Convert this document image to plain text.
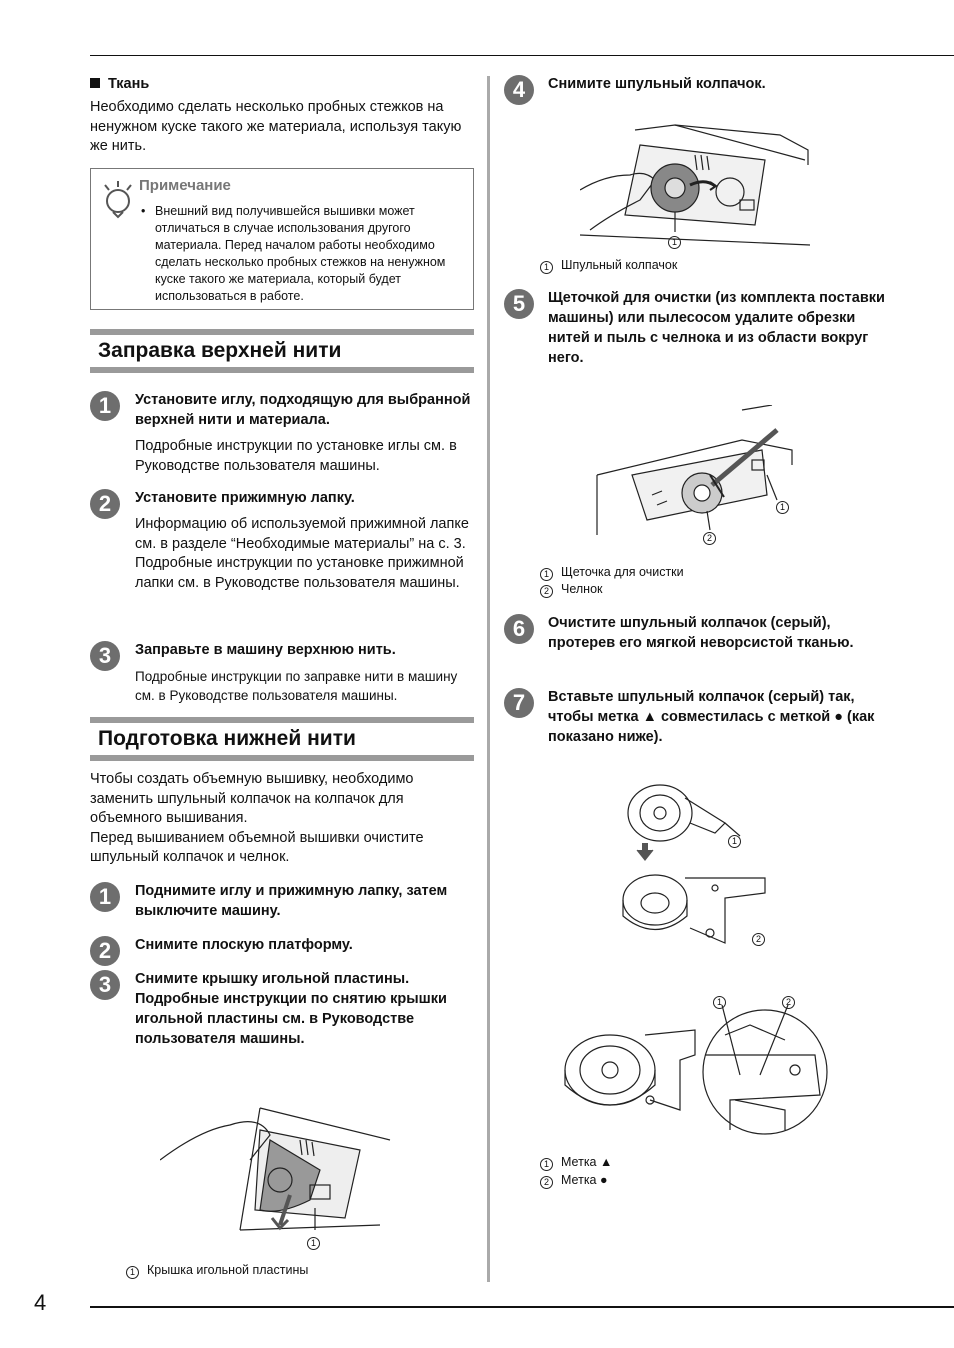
Ткань
Необходимо сделать несколько пробных стежков на ненужном куске такого же материала, используя такую же нить.
Примечание
• Внешний вид получившейся вышивки может отличаться в случае использования другого материала. Перед началом работы необходимо сделать несколько пробных стежков на ненужном куске такого же материала, который будет использоваться в работе.
Заправка верхней нити
1	Установите иглу, подходящую для выбранной верхней нити и материала.
Подробные инструкции по установке иглы см. в Руководстве пользователя машины.
2	Установите прижимную лапку.
Информацию об используемой прижимной лапке см. в разделе “Необходимые материалы” на с. 3.
Подробные инструкции по установке прижимной лапки см. в Руководстве пользователя машины.
3	Заправьте в машину верхнюю нить.
Подробные инструкции по заправке нити в машину см. в Руководстве пользователя машины.
Подготовка нижней нити
Чтобы создать объемную вышивку, необходимо заменить шпульный колпачок на колпачок для объемного вышивания.
Перед вышиванием объемной вышивки очистите шпульный колпачок и челнок.
1	Поднимите иглу и прижимную лапку, затем выключите машину.
2	Снимите плоскую платформу.
3	Снимите крышку игольной пластины. Подробные инструкции по снятию крышки игольной пластины см. в Руководстве пользователя машины.
1
1 Крышка игольной пластины
4	Снимите шпульный колпачок.
1
1 Шпульный колпачок
5	Щеточкой для очистки (из комплекта поставки машины) или пылесосом удалите обрезки нитей и пыль с челнока и из области вокруг него.
1
2
1 Щеточка для очистки
2 Челнок
6	Очистите шпульный колпачок (серый), протерев его мягкой неворсистой тканью.
7	Вставьте шпульный колпачок (серый) так, чтобы метка ▲ совместилась с меткой ● (как показано ниже).
1
2
1	2
1 Метка ▲
2 Метка ●
4
